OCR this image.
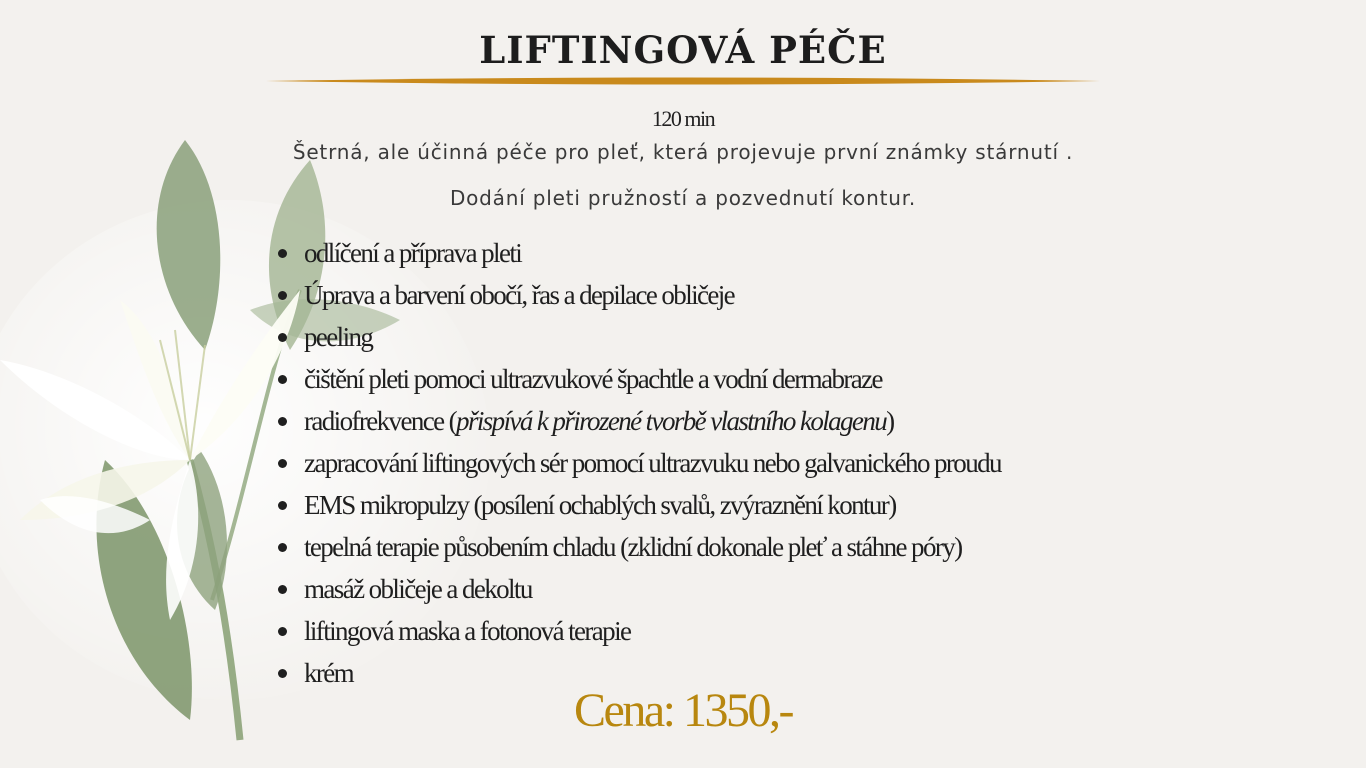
LIFTINGOVÁ PÉČE
120 min
Šetrná, ale účinná péče pro pleť, která projevuje první známky stárnutí .
Dodání pleti pružností a pozvednutí kontur.
odlíčení a příprava pleti
Úprava a barvení obočí, řas a depilace obličeje
peeling
čištění pleti pomoci ultrazvukové špachtle a vodní dermabraze
radiofrekvence (přispívá k přirozené tvorbě vlastního kolagenu)
zapracování liftingových sér pomocí ultrazvuku nebo galvanického proudu
EMS mikropulzy (posílení ochablých svalů, zvýraznění kontur)
tepelná terapie působením chladu (zklidní dokonale pleť a stáhne póry)
masáž obličeje a dekoltu
liftingová maska a fotonová terapie
krém
Cena: 1350,-
